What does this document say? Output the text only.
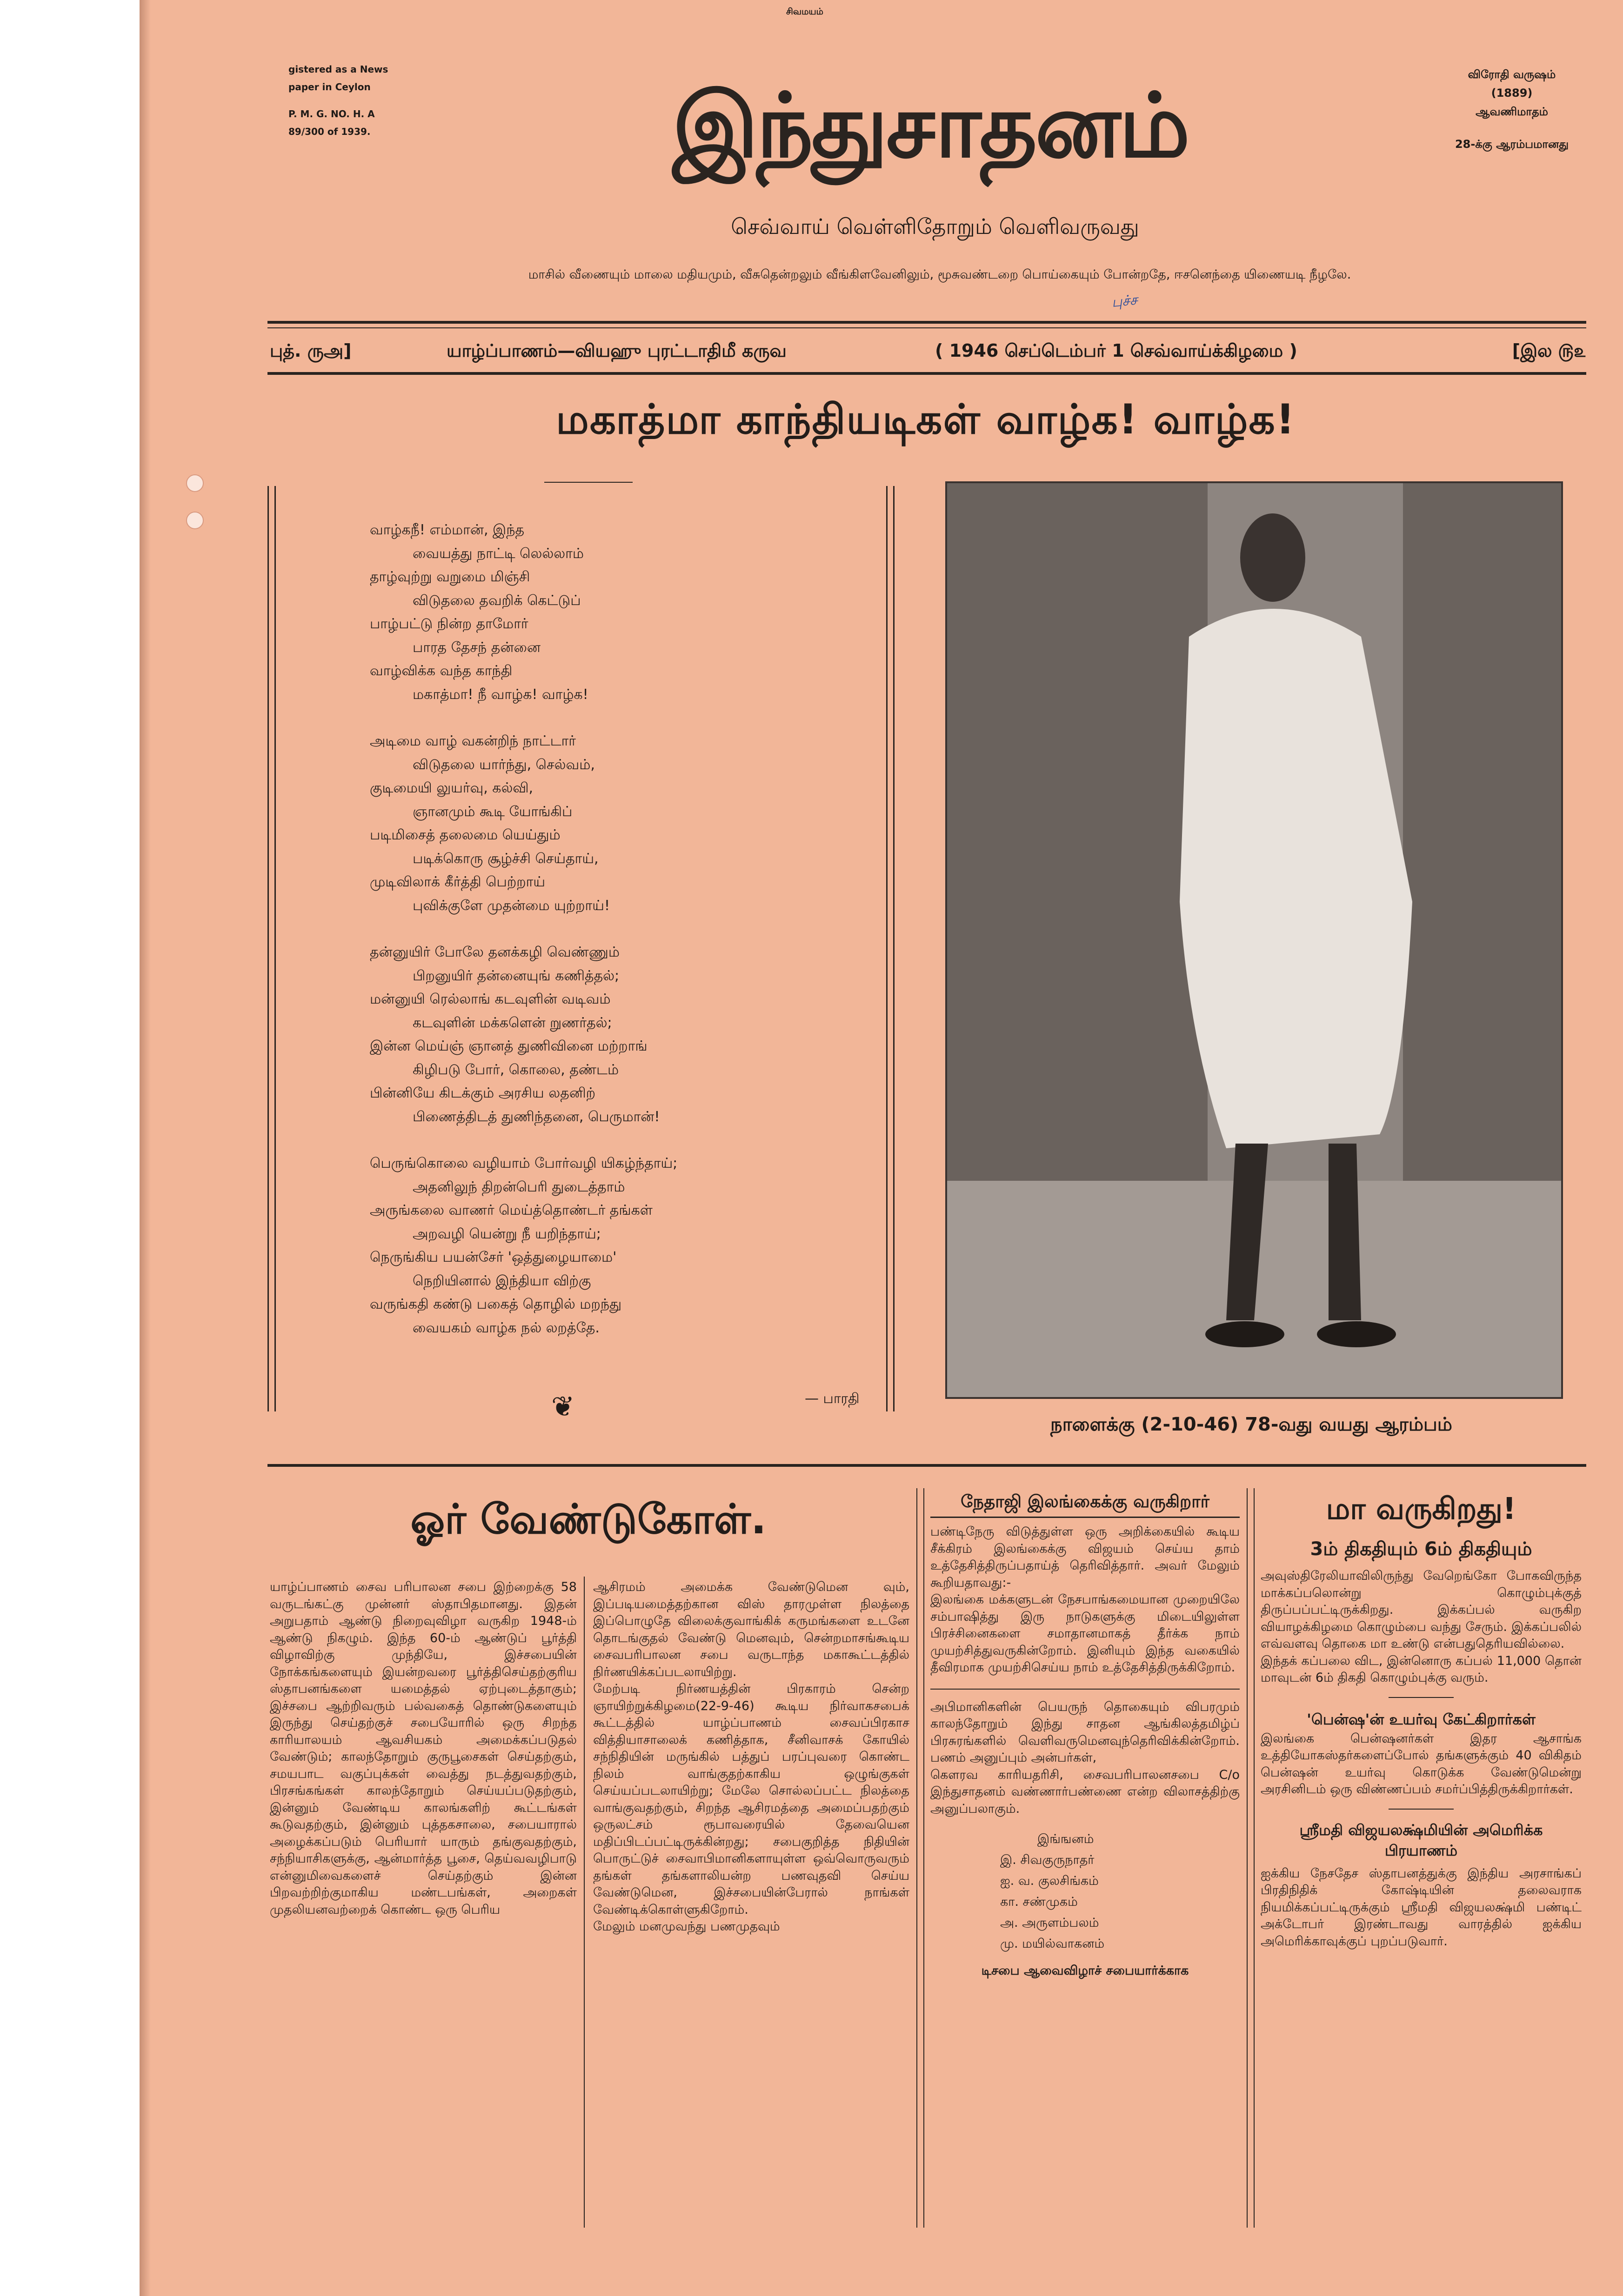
சிவமயம்
gistered as a News
paper in Ceylon
P. M. G. NO. H. A
89/300 of 1939.	இந்துசாதனம்	விரோதி வருஷம்
(1889)
ஆவணிமாதம்
28-க்கு ஆரம்பமானது
செவ்வாய் வெள்ளிதோறும் வெளிவருவது
மாசில் வீணையும் மாலை மதியமும், வீசுதென்றலும் வீங்கிளவேனிலும், மூசுவண்டறை பொய்கையும் போன்றதே, ஈசனெந்தை யிணையடி நீழலே.
புச்ச
புத். ருஅ]	யாழ்ப்பாணம்—வியஹு புரட்டாதிமீ கருவ	( 1946 செப்டெம்பர் 1 செவ்வாய்க்கிழமை )	[இல ௫௨
மகாத்மா காந்தியடிகள் வாழ்க! வாழ்க!
வாழ்கநீ! எம்மான், இந்த
வையத்து நாட்டி லெல்லாம்
தாழ்வுற்று வறுமை மிஞ்சி
விடுதலை தவறிக் கெட்டுப்
பாழ்பட்டு நின்ற தாமோர்
பாரத தேசந் தன்னை
வாழ்விக்க வந்த காந்தி
மகாத்மா! நீ வாழ்க! வாழ்க!
அடிமை வாழ் வகன்றிந் நாட்டார்
விடுதலை யார்ந்து, செல்வம்,
குடிமையி லுயர்வு, கல்வி,
ஞானமும் கூடி யோங்கிப்
படிமிசைத் தலைமை யெய்தும்
படிக்கொரு சூழ்ச்சி செய்தாய்,
முடிவிலாக் கீர்த்தி பெற்றாய்
புவிக்குளே முதன்மை யுற்றாய்!
தன்னுயிர் போலே தனக்கழி வெண்ணும்
பிறனுயிர் தன்னையுங் கணித்தல்;
மன்னுயி ரெல்லாங் கடவுளின் வடிவம்
கடவுளின் மக்களென் றுணர்தல்;
இன்ன மெய்ஞ் ஞானத் துணிவினை மற்றாங்
கிழிபடு போர், கொலை, தண்டம்
பின்னியே கிடக்கும் அரசிய லதனிற்
பிணைத்திடத் துணிந்தனை, பெருமான்!
பெருங்கொலை வழியாம் போர்வழி யிகழ்ந்தாய்;
அதனிலுந் திறன்பெரி துடைத்தாம்
அருங்கலை வாணர் மெய்த்தொண்டர் தங்கள்
அறவழி யென்று நீ யறிந்தாய்;
நெருங்கிய பயன்சேர் 'ஒத்துழையாமை'
நெறியினால் இந்தியா விற்கு
வருங்கதி கண்டு பகைத் தொழில் மறந்து
வையகம் வாழ்க நல் லறத்தே.
— பாரதி
❦
நாளைக்கு (2-10-46) 78-வது வயது ஆரம்பம்
ஓர் வேண்டுகோள்.

யாழ்ப்பாணம் சைவ பரிபாலன சபை இற்றைக்கு 58 வருடங்கட்கு முன்னர் ஸ்தாபிதமானது. இதன் அறுபதாம் ஆண்டு நிறைவுவிழா வருகிற 1948-ம் ஆண்டு நிகழும். இந்த 60-ம் ஆண்டுப் பூர்த்தி விழாவிற்கு முந்தியே, இச்சபையின் நோக்கங்களையும் இயன்றவரை பூர்த்திசெய்தற்குரிய ஸ்தாபனங்களை யமைத்தல் ஏற்புடைத்தாகும்; இச்சபை ஆற்றிவரும் பல்வகைத் தொண்டுகளையும் இருந்து செய்தற்குச் சபையோரில் ஒரு சிறந்த காரியாலயம் ஆவசியகம் அமைக்கப்படுதல் வேண்டும்; காலந்தோறும் குருபூசைகள் செய்தற்கும், சமயபாட வகுப்புக்கள் வைத்து நடத்துவதற்கும், பிரசங்கங்கள் காலந்தோறும் செய்யப்படுதற்கும், இன்னும் வேண்டிய காலங்களிற் கூட்டங்கள் கூடுவதற்கும், இன்னும் புத்தகசாலை, சபையாரால் அழைக்கப்படும் பெரியார் யாரும் தங்குவதற்கும், சந்நியாசிகளுக்கு, ஆன்மார்த்த பூசை, தெய்வவழிபாடு என்னுமிவைகளைச் செய்தற்கும் இன்ன பிறவற்றிற்குமாகிய மண்டபங்கள், அறைகள் முதலியனவற்றைக் கொண்ட ஒரு பெரிய

ஆசிரமம் அமைக்க வேண்டுமென வும், இப்படியமைத்தற்கான விஸ் தாரமுள்ள நிலத்தை இப்பொழுதே விலைக்குவாங்கிக் கருமங்களை உடனே தொடங்குதல் வேண்டு மெனவும், சென்றமாசங்கூடிய சைவபரிபாலன சபை வருடாந்த மகாகூட்டத்தில் நிர்ணயிக்கப்படலாயிற்று.
மேற்படி நிர்ணயத்தின் பிரகாரம் சென்ற ஞாயிற்றுக்கிழமை(22-9-46) கூடிய நிர்வாகசபைக் கூட்டத்தில் யாழ்ப்பாணம் சைவப்பிரகாச வித்தியாசாலைக் கணித்தாக, சீனிவாசக் கோயில் சந்நிதியின் மருங்கில் பத்துப் பரப்புவரை கொண்ட நிலம் வாங்குதற்காகிய ஒழுங்குகள் செய்யப்படலாயிற்று; மேலே சொல்லப்பட்ட நிலத்தை வாங்குவதற்கும், சிறந்த ஆசிரமத்தை அமைப்பதற்கும் ஒருலட்சம் ரூபாவரையில் தேவையென மதிப்பிடப்பட்டிருக்கின்றது; சபைகுறித்த நிதியின் பொருட்டுச் சைவாபிமானிகளாயுள்ள ஒவ்வொருவரும் தங்கள் தங்களாலியன்ற பணவுதவி செய்ய வேண்டுமென, இச்சபையின்பேரால் நாங்கள் வேண்டிக்கொள்ளுகிறோம்.
மேலும் மனமுவந்து பணமுதவும்
நேதாஜி இலங்கைக்கு வருகிறார்
பண்டிநேரு விடுத்துள்ள ஒரு அறிக்கையில் கூடிய சீக்கிரம் இலங்கைக்கு விஜயம் செய்ய தாம் உத்தேசித்திருப்பதாய்த் தெரிவித்தார். அவர் மேலும் கூறியதாவது:-
இலங்கை மக்களுடன் நேசபாங்கமையான முறையிலே சம்பாஷித்து இரு நாடுகளுக்கு மிடையிலுள்ள பிரச்சினைகளை சமாதானமாகத் தீர்க்க நாம் முயற்சித்துவருகின்றோம். இனியும் இந்த வகையில் தீவிரமாக முயற்சிசெய்ய நாம் உத்தேசித்திருக்கிறோம்.
அபிமானிகளின் பெயருந் தொகையும் விபரமும் காலந்தோறும் இந்து சாதன ஆங்கிலத்தமிழ்ப் பிரசுரங்களில் வெளிவருமெனவுந்தெரிவிக்கின்றோம். பணம் அனுப்பும் அன்பர்கள்,
கௌரவ காரியதரிசி, சைவபரிபாலனசபை C/o இந்துசாதனம் வண்ணார்பண்ணை என்ற விலாசத்திற்கு அனுப்பலாகும்.
இங்ஙனம்
இ. சிவகுருநாதர்
ஐ. வ. குலசிங்கம்
கா. சண்முகம்
அ. அருளம்பலம்
மு. மயில்வாகனம்
டிசபை ஆவைவிழாச் சபையார்க்காக
மா வருகிறது!
3ம் திகதியும் 6ம் திகதியும்
அவுஸ்திரேலியாவிலிருந்து வேறெங்கோ போகவிருந்த மாக்கப்பலொன்று கொழும்புக்குத் திருப்பப்பட்டிருக்கிறது. இக்கப்பல் வருகிற வியாழக்கிழமை கொழும்பை வந்து சேரும். இக்கப்பலில் எவ்வளவு தொகை மா உண்டு என்பதுதெரியவில்லை.
இந்தக் கப்பலை விட, இன்னொரு கப்பல் 11,000 தொன் மாவுடன் 6ம் திகதி கொழும்புக்கு வரும்.
'பென்ஷ'ன் உயர்வு கேட்கிறார்கள்
இலங்கை பென்ஷனர்கள் இதர ஆசாங்க உத்தியோகஸ்தர்களைப்போல் தங்களுக்கும் 40 விகிதம் பென்ஷன் உயர்வு கொடுக்க வேண்டுமென்று அரசினிடம் ஒரு விண்ணப்பம் சமர்ப்பித்திருக்கிறார்கள்.
ஸ்ரீமதி விஜயலக்ஷ்மியின் அமெரிக்க பிரயாணம்
ஐக்கிய நேசதேச ஸ்தாபனத்துக்கு இந்திய அரசாங்கப் பிரதிநிதிக் கோஷ்டியின் தலைவராக நியமிக்கப்பட்டிருக்கும் ஸ்ரீமதி விஜயலக்ஷ்மி பண்டிட் அக்டோபர் இரண்டாவது வாரத்தில் ஐக்கிய அமெரிக்காவுக்குப் புறப்படுவார்.
